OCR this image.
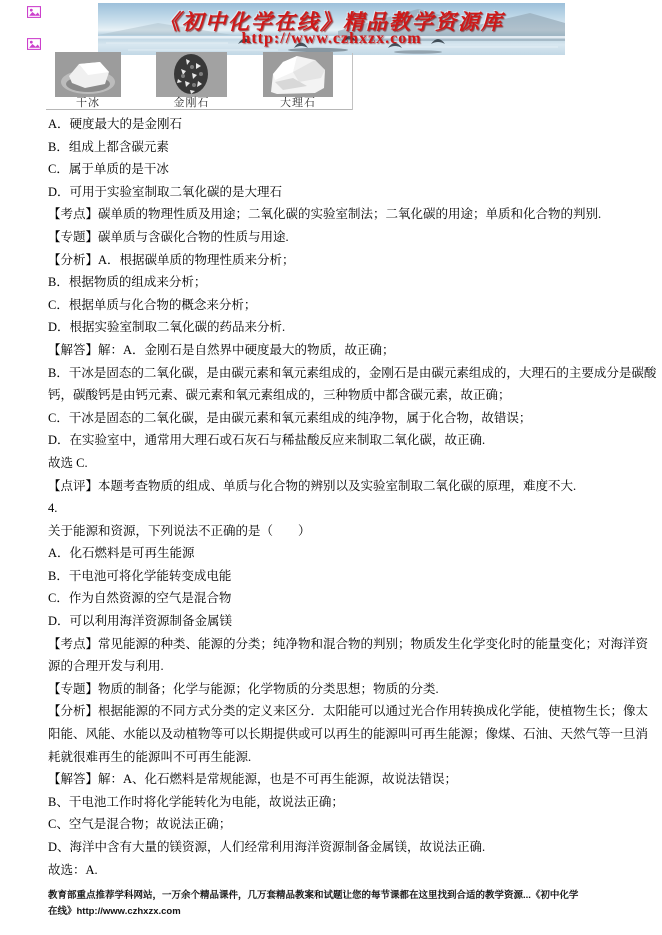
《初中化学在线》精品教学资源库
http://www.czhxzx.com
干冰	金刚石	大理石
A．硬度最大的是金刚石
B．组成上都含碳元素
C．属于单质的是干冰
D．可用于实验室制取二氧化碳的是大理石
【考点】碳单质的物理性质及用途；二氧化碳的实验室制法；二氧化碳的用途；单质和化合物的判别.
【专题】碳单质与含碳化合物的性质与用途.
【分析】A．根据碳单质的物理性质来分析；
B．根据物质的组成来分析；
C．根据单质与化合物的概念来分析；
D．根据实验室制取二氧化碳的药品来分析.
【解答】解：A．金刚石是自然界中硬度最大的物质，故正确；
B．干冰是固态的二氧化碳，是由碳元素和氧元素组成的，金刚石是由碳元素组成的，大理石的主要成分是碳酸
钙，碳酸钙是由钙元素、碳元素和氧元素组成的，三种物质中都含碳元素，故正确；
C．干冰是固态的二氧化碳，是由碳元素和氧元素组成的纯净物，属于化合物，故错误；
D．在实验室中，通常用大理石或石灰石与稀盐酸反应来制取二氧化碳，故正确.
故选 C.
【点评】本题考查物质的组成、单质与化合物的辨别以及实验室制取二氧化碳的原理，难度不大.
4.
关于能源和资源，下列说法不正确的是（　　）
A．化石燃料是可再生能源
B．干电池可将化学能转变成电能
C．作为自然资源的空气是混合物
D．可以利用海洋资源制备金属镁
【考点】常见能源的种类、能源的分类；纯净物和混合物的判别；物质发生化学变化时的能量变化；对海洋资
源的合理开发与利用.
【专题】物质的制备；化学与能源；化学物质的分类思想；物质的分类.
【分析】根据能源的不同方式分类的定义来区分．太阳能可以通过光合作用转换成化学能，使植物生长；像太
阳能、风能、水能以及动植物等可以长期提供或可以再生的能源叫可再生能源；像煤、石油、天然气等一旦消
耗就很难再生的能源叫不可再生能源.
【解答】解：A、化石燃料是常规能源，也是不可再生能源，故说法错误；
B、干电池工作时将化学能转化为电能，故说法正确；
C、空气是混合物；故说法正确；
D、海洋中含有大量的镁资源，人们经常利用海洋资源制备金属镁，故说法正确.
故选：A.
教育部重点推荐学科网站，一万余个精品课件，几万套精品教案和试题让您的每节课都在这里找到合适的教学资源...《初中化学
在线》http://www.czhxzx.com
